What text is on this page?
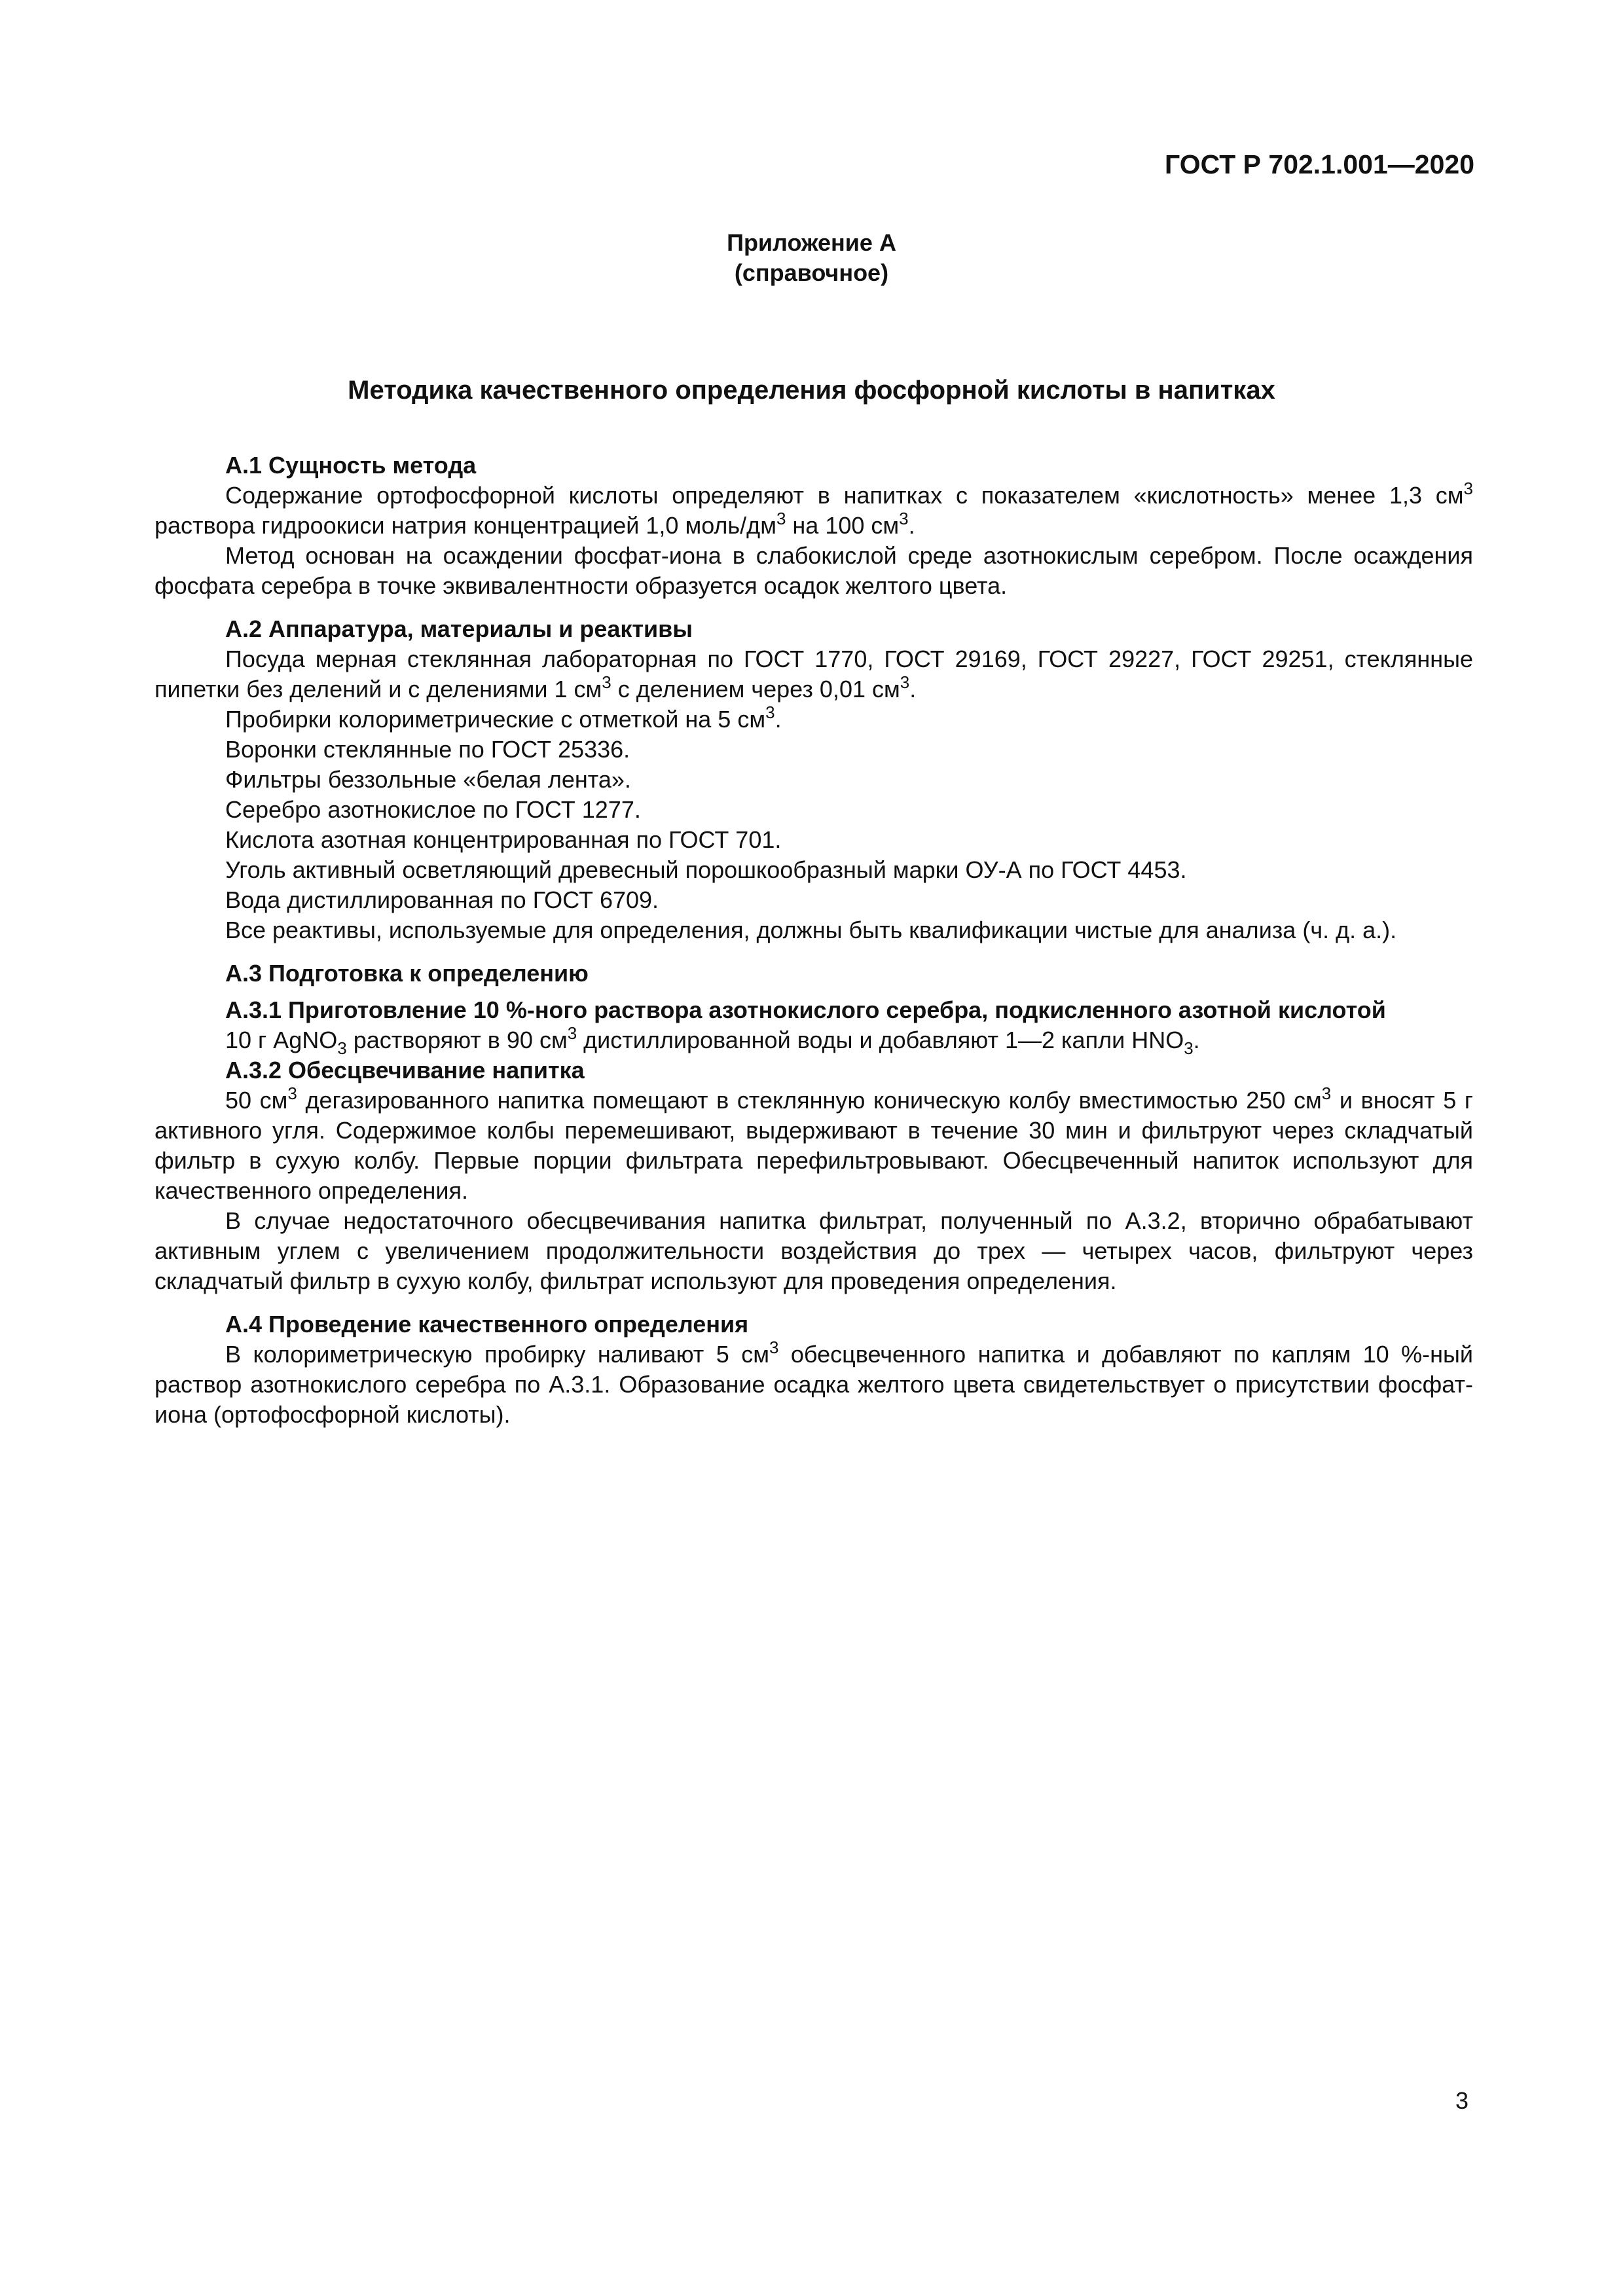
ГОСТ Р 702.1.001—2020
Приложение А
(справочное)
Методика качественного определения фосфорной кислоты в напитках

А.1 Сущность метода

Содержание ортофосфорной кислоты определяют в напитках с показателем «кислотность» менее 1,3 $см^3$ раствора гидроокиси натрия концентрацией 1,0 моль/$дм^3$ на 100 $см^3$.

Метод основан на осаждении фосфат-иона в слабокислой среде азотнокислым серебром. После осаждения фосфата серебра в точке эквивалентности образуется осадок желтого цвета.

А.2 Аппаратура, материалы и реактивы

Посуда мерная стеклянная лабораторная по ГОСТ 1770, ГОСТ 29169, ГОСТ 29227, ГОСТ 29251, стеклянные пипетки без делений и с делениями 1 $см^3$ с делением через 0,01 $см^3$.

Пробирки колориметрические с отметкой на 5 $см^3$.

Воронки стеклянные по ГОСТ 25336.

Фильтры беззольные «белая лента».

Серебро азотнокислое по ГОСТ 1277.

Кислота азотная концентрированная по ГОСТ 701.

Уголь активный осветляющий древесный порошкообразный марки ОУ-А по ГОСТ 4453.

Вода дистиллированная по ГОСТ 6709.

Все реактивы, используемые для определения, должны быть квалификации чистые для анализа (ч. д. а.).

А.3 Подготовка к определению

А.3.1 Приготовление 10 %-ного раствора азотнокислого серебра, подкисленного азотной кислотой

10 г AgNO$_3$ растворяют в 90 $см^3$ дистиллированной воды и добавляют 1—2 капли $HNO_3$.

А.3.2 Обесцвечивание напитка

50 $см^3$ дегазированного напитка помещают в стеклянную коническую колбу вместимостью 250 $см^3$ и вносят 5 г активного угля. Содержимое колбы перемешивают, выдерживают в течение 30 мин и фильтруют через складчатый фильтр в сухую колбу. Первые порции фильтрата перефильтровывают. Обесцвеченный напиток используют для качественного определения.

В случае недостаточного обесцвечивания напитка фильтрат, полученный по А.3.2, вторично обрабатывают активным углем с увеличением продолжительности воздействия до трех — четырех часов, фильтруют через складчатый фильтр в сухую колбу, фильтрат используют для проведения определения.

А.4 Проведение качественного определения

В колориметрическую пробирку наливают 5 $см^3$ обесцвеченного напитка и добавляют по каплям 10 %-ный раствор азотнокислого серебра по А.3.1. Образование осадка желтого цвета свидетельствует о присутствии фосфат-иона (ортофосфорной кислоты).

3
